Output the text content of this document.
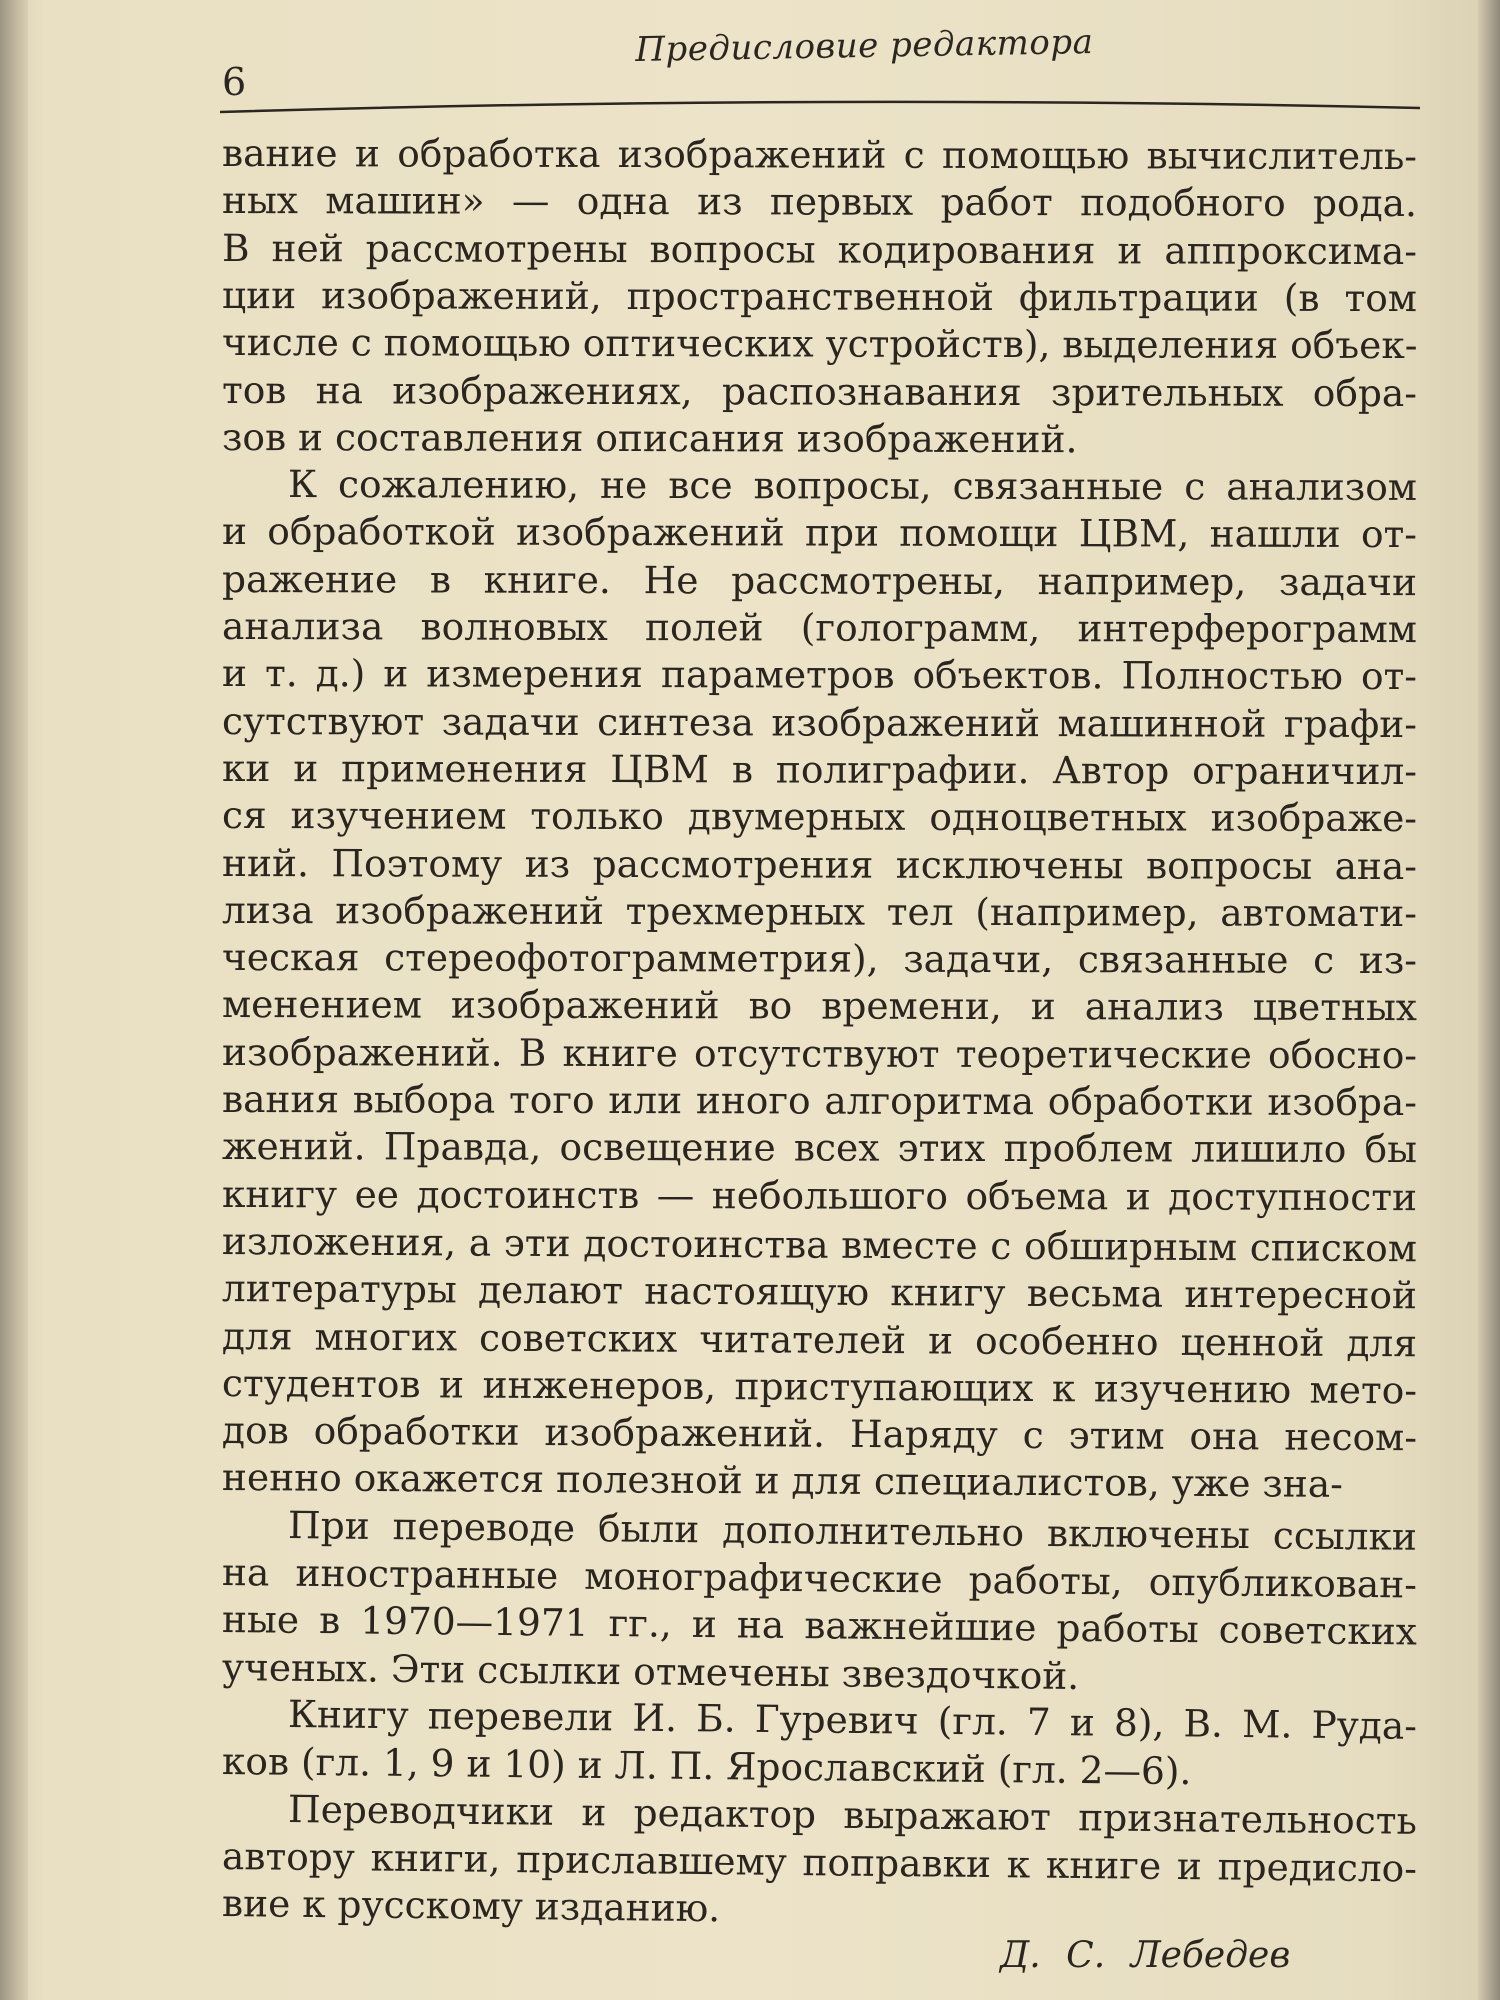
6
Предисловие редактора
вание и обработка изображений с помощью вычислитель-
ных машин» — одна из первых работ подобного рода.
В ней рассмотрены вопросы кодирования и аппроксима-
ции изображений, пространственной фильтрации (в том
числе с помощью оптических устройств), выделения объек-
тов на изображениях, распознавания зрительных обра-
зов и составления описания изображений.
К сожалению, не все вопросы, связанные с анализом
и обработкой изображений при помощи ЦВМ, нашли от-
ражение в книге. Не рассмотрены, например, задачи
анализа волновых полей (голограмм, интерферограмм
и т. д.) и измерения параметров объектов. Полностью от-
сутствуют задачи синтеза изображений машинной графи-
ки и применения ЦВМ в полиграфии. Автор ограничил-
ся изучением только двумерных одноцветных изображе-
ний. Поэтому из рассмотрения исключены вопросы ана-
лиза изображений трехмерных тел (например, автомати-
ческая стереофотограмметрия), задачи, связанные с из-
менением изображений во времени, и анализ цветных
изображений. В книге отсутствуют теоретические обосно-
вания выбора того или иного алгоритма обработки изобра-
жений. Правда, освещение всех этих проблем лишило бы
книгу ее достоинств — небольшого объема и доступности
изложения, а эти достоинства вместе с обширным списком
литературы делают настоящую книгу весьма интересной
для многих советских читателей и особенно ценной для
студентов и инженеров, приступающих к изучению мето-
дов обработки изображений. Наряду с этим она несом-
ненно окажется полезной и для специалистов, уже зна-
При переводе были дополнительно включены ссылки
на иностранные монографические работы, опубликован-
ные в 1970—1971 гг., и на важнейшие работы советских
ученых. Эти ссылки отмечены звездочкой.
Книгу перевели И. Б. Гуревич (гл. 7 и 8), В. М. Руда-
ков (гл. 1, 9 и 10) и Л. П. Ярославский (гл. 2—6).
Переводчики и редактор выражают признательность
автору книги, приславшему поправки к книге и предисло-
вие к русскому изданию.
Д. С. Лебедев
